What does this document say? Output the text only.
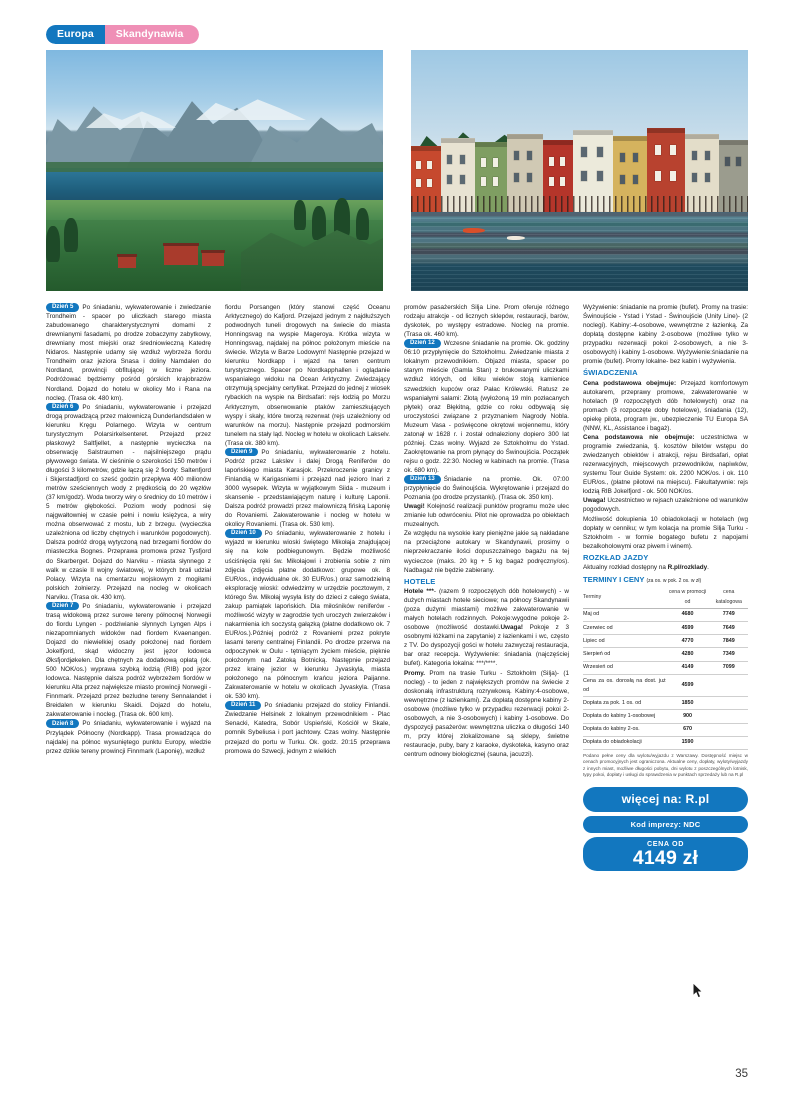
Europa	Skandynawia

Dzień 5 Po śniadaniu, wykwaterowanie i zwiedzanie Trondheim - spacer po uliczkach starego miasta zabudowanego charakterystycznymi domami z drewnianymi fasadami, po drodze zobaczymy zabytkowy, drewniany most miejski oraz średniowieczną Katedrę Nidaros. Następnie udamy się wzdłuż wybrzeża fiordu Trondheim oraz jeziora Snasa i doliny Namdalen do Nordland, prowincji obfitującej w liczne jeziora. Podróżować będziemy pośród górskich krajobrazów Nordland. Dojazd do hotelu w okolicy Mo i Rana na nocleg. (Trasa ok. 480 km).

Dzień 6 Po śniadaniu, wykwaterowanie i przejazd drogą prowadzącą przez malowniczą Dunderlandsdalen w kierunku Kręgu Polarnego. Wizyta w centrum turystycznym Polarsirkelsenteret. Przejazd przez płaskowyż Saltfjellet, a następnie wycieczka na obserwację Salstraumen - najsilniejszego prądu pływowego świata. W cieśninie o szerokości 150 metrów i długości 3 kilometrów, gdzie łączą się 2 fiordy: Saltenfjord i Skjerstadfjord co sześć godzin przepływa 400 milionów metrów sześciennych wody z prędkością do 20 węzłów (37 km/godz). Woda tworzy wiry o średnicy do 10 metrów i 5 metrów głębokości. Poziom wody podnosi się najgwałtowniej w czasie pełni i nowiu księżyca, a wiry można obserwować z mostu, lub z brzegu. (wycieczka uzależniona od liczby chętnych i warunków pogodowych). Dalsza podróż drogą wytyczoną nad brzegami fiordów do miasteczka Bognes. Przeprawa promowa przez Tysfjord do Skarberget. Dojazd do Narviku - miasta słynnego z walk w czasie II wojny światowej, w których brali udział Polacy. Wizyta na cmentarzu wojskowym z mogiłami polskich żołnierzy. Przejazd na nocleg w okolicach Narviku. (Trasa ok. 430 km).

Dzień 7 Po śniadaniu, wykwaterowanie i przejazd trasą widokową przez surowe tereny północnej Norwegii do fiordu Lyngen - podziwianie słynnych Lyngen Alps i niezapomnianych widoków nad fiordem Kvaenangen. Dojazd do niewielkiej osady położonej nad fiordem Jokelfjord, skąd widoczny jest jęzor lodowca Øksfjordjøkelen. Dla chętnych za dodatkową opłatą (ok. 500 NOK/os.) wyprawa szybką łodzią (RIB) pod jęzor lodowca. Następnie dalsza podróż wybrzeżem fiordów w kierunku Alta przez największe miasto prowincji Norwegii - Finnmark. Przejazd przez bezludne tereny Sennalandet i Breidalen w kierunku Skaidi. Dojazd do hotelu, zakwaterowanie i nocleg. (Trasa ok. 600 km).

Dzień 8 Po śniadaniu, wykwaterowanie i wyjazd na Przylądek Północny (Nordkapp). Trasa prowadząca do najdalej na północ wysuniętego punktu Europy, wiedzie przez dzikie tereny prowincji Finnmark (Laponię), wzdłuż

fiordu Porsangen (który stanowi część Oceanu Arktycznego) do Kafjord. Przejazd jednym z najdłuższych podwodnych tuneli drogowych na świecie do miasta Honningsvag na wyspie Mageroya. Krótka wizyta w Honningsvag, najdalej na północ położonym mieście na świecie. Wizyta w Barze Lodowym! Następnie przejazd w kierunku Nordkapp i wjazd na teren centrum turystycznego. Spacer po Nordkapphallen i oglądanie wspaniałego widoku na Ocean Arktyczny. Zwiedzający otrzymują specjalny certyfikat. Przejazd do jednej z wiosek rybackich na wyspie na Birdsafari: rejs łodzią po Morzu Arktycznym, obserwowanie ptaków zamieszkujących wyspy i skały, które tworzą rezerwat (rejs uzależniony od warunków na morzu). Następnie przejazd podmorskim tunelem na stały ląd. Nocleg w hotelu w okolicach Lakselv. (Trasa ok. 380 km).

Dzień 9 Po śniadaniu, wykwaterowanie z hotelu. Podróż przez Lakslev i dalej Drogą Reniferów do lapońskiego miasta Karasjok. Przekroczenie granicy z Finlandią w Karigasniemi i przejazd nad jezioro Inari z 3000 wysepek. Wizyta w wyjątkowym Siida - muzeum i skansenie - przedstawiającym naturę i kulturę Laponii. Dalsza podróż prowadzi przez malowniczą fińską Laponię do Rovaniemi. Zakwaterowanie i nocleg w hotelu w okolicy Rovaniemi. (Trasa ok. 530 km).

Dzień 10 Po śniadaniu, wykwaterowanie z hotelu i wyjazd w kierunku wioski świętego Mikołaja znajdującej się na kole podbiegunowym. Będzie możliwość uściśnięcia ręki św. Mikołajowi i zrobienia sobie z nim zdjęcia (zdjęcia płatne dodatkowo: grupowe ok. 8 EUR/os., indywidualne ok. 30 EUR/os.) oraz samodzielną eksplorację wioski: odwiedzimy w urzędzie pocztowym, z którego Św. Mikołaj wysyła listy do dzieci z całego świata, zakup pamiątek lapońskich. Dla miłośników reniferów - możliwość wizyty w zagrodzie tych uroczych zwierzaków i nakarmienia ich soczystą gałązką (płatne dodatkowo ok. 7 EUR/os.).Później podróż z Rovaniemi przez pokryte lasami tereny centralnej Finlandii. Po drodze przerwa na odpoczynek w Oulu - tętniącym życiem mieście, pięknie położonym nad Zatoką Botnicką. Następnie przejazd przez krainę jezior w kierunku Jyvaskyla, miasta położonego na północnym krańcu jeziora Paijanne. Zakwaterowanie w hotelu w okolicach Jyvaskyla. (Trasa ok. 530 km).

Dzień 11 Po śniadaniu przejazd do stolicy Finlandii. Zwiedzanie Helsinek z lokalnym przewodnikiem - Plac Senacki, Katedra, Sobór Uspieński, Kościół w Skale, pomnik Sybeliusa i port jachtowy. Czas wolny. Następnie przejazd do portu w Turku. Ok. godz. 20:15 przeprawa promowa do Szwecji, jednym z wielkich

promów pasażerskich Silja Line. Prom oferuje różnego rodzaju atrakcje - od licznych sklepów, restauracji, barów, dyskotek, po występy estradowe. Nocleg na promie. (Trasa ok. 460 km).

Dzień 12 Wczesne śniadanie na promie. Ok. godziny 06:10 przypłynięcie do Sztokholmu. Zwiedzanie miasta z lokalnym przewodnikiem. Objazd miasta, spacer po starym mieście (Gamla Stan) z brukowanymi uliczkami wzdłuż których, od kilku wieków stoją kamienice szwedzkich kupców oraz Pałac Królewski. Ratusz ze wspaniałymi salami: Złotą (wyłożoną 19 mln pozłacanych płytek) oraz Błękitną, gdzie co roku odbywają się uroczystości związane z przyznaniem Nagrody Nobla. Muzeum Vasa - poświęcone okrętowi wojennemu, który zatonął w 1628 r. i został odnaleziony dopiero 300 lat później. Czas wolny. Wyjazd ze Sztokholmu do Ystad. Zaokrętowanie na prom płynący do Świnoujścia. Początek rejsu o godz. 22:30. Nocleg w kabinach na promie. (Trasa ok. 680 km).

Dzień 13 Śniadanie na promie. Ok. 07:00 przypłynięcie do Świnoujścia. Wykrętowanie i przejazd do Poznania (po drodze przystanki). (Trasa ok. 350 km).

Uwagi! Kolejność realizacji punktów programu może ulec zmianie lub odwróceniu. Pilot nie oprowadza po obiektach muzealnych.

Ze względu na wysokie kary pieniężne jakie są nakładane na przeciążone autokary w Skandynawii, prosimy o nieprzekraczanie ilości dopuszczalnego bagażu na tej wycieczce (maks. 20 kg + 5 kg bagaż podręczny/os). Nadbagaż nie będzie zabierany.

HOTELE

Hotele ***- (razem 9 rozpoczętych dób hotelowych) - w dużych miastach hotele sieciowe; na północy Skandynawii (poza dużymi miastami) możliwe zakwaterowanie w małych hotelach rodzinnych. Pokoje:wygodne pokoje 2-osobowe (możliwość dostawki.Uwaga! Pokoje z 3 osobnymi łóżkami na zapytanie) z łazienkami i wc, często z TV. Do dyspozycji gości w hotelu zazwyczaj restauracja, bar oraz recepcja. Wyżywienie: śniadania (najczęściej bufet). Kategoria lokalna: ***/****.

Promy. Prom na trasie Turku - Sztokholm (Silja)- (1 nocleg) - to jeden z największych promów na świecie z doskonałą infrastrukturą rozrywkową. Kabiny:4-osobowe, wewnętrzne (z łazienkami). Za dopłatą dostępne kabiny 2-osobowe (możliwe tylko w przypadku rezerwacji pokoi 2-osobowych, a nie 3-osobowych) i kabiny 1-osobowe. Do dyspozycji pasażerów: wewnętrzna uliczka o długości 140 m, przy której zlokalizowane są sklepy, świetne restauracje, puby, bary z karaoke, dyskoteka, kasyno oraz centrum odnowy biologicznej (sauna, jacuzzi).

Wyżywienie: śniadanie na promie (bufet). Promy na trasie: Świnoujście - Ystad i Ystad - Świnoujście (Unity Line)- (2 noclegi). Kabiny:-4-osobowe, wewnętrzne z łazienką. Za dopłatą dostępne kabiny 2-osobowe (możliwe tylko w przypadku rezerwacji pokoi 2-osobowych, a nie 3-osobowych) i kabiny 1-osobowe. Wyżywienie:śniadanie na promie (bufet). Promy lokalne- bez kabin i wyżywienia.

ŚWIADCZENIA

Cena podstawowa obejmuje: Przejazd komfortowym autokarem, przeprawy promowe, zakwaterowanie w hotelach (9 rozpoczętych dób hotelowych) oraz na promach (3 rozpoczęte doby hotelowe), śniadania (12), opiekę pilota, program jw., ubezpieczenie TU Europa SA (NNW, KL, Assistance i bagaż).

Cena podstawowa nie obejmuje: uczestnictwa w programie zwiedzania, tj. kosztów biletów wstępu do zwiedzanych obiektów i atrakcji, rejsu Birdsafari, opłat rezerwacyjnych, miejscowych przewodników, napiwków, systemu Tour Guide System: ok. 2200 NOK/os. i ok. 110 EUR/os., (płatne pilotowi na miejscu). Fakultatywnie: rejs łodzią RIB Jokelfjord - ok. 500 NOK/os.

Uwaga! Uczestnictwo w rejsach uzależnione od warunków pogodowych.

Możliwość dokupienia 10 obiadokolacji w hotelach (wg dopłaty w cenniku; w tym kolacja na promie Silja Turku - Sztokholm - w formie bogatego bufetu z napojami bezalkoholowymi oraz piwem i winem).

ROZKŁAD JAZDY

Aktualny rozkład dostępny na R.pl/rozklady.

TERMINY I CENY (za os. w pok. 2 os. w zł)
Terminy	cena w promocji od	cena katalogowa
Maj od	4680	7749
Czerwiec od	4599	7649
Lipiec od	4770	7849
Sierpień od	4280	7349
Wrzesień od	4149	7099
Cena za os. dorosłą na dost. już od	4599	
Dopłata za pok. 1 os. od	1850	
Dopłata do kabiny 1-osobowej	900	
Dopłata do kabiny 2-os.	670	
Dopłata do obiadokolacji	1590	
Podano pełne ceny dla wylotu/wyjazdu z Warszawy. Dostępność miejsc w cenach promocyjnych jest ograniczona. Aktualne ceny, dopłaty, wyloty/wyjazdy z innych miast, możliwe długości pobytu, dni wylotu z poszczególnych lotnisk, typy pokoi, dopłaty i usługi do sprawdzenia w punktach sprzedaży lub na R.pl
więcej na: R.pl
Kod imprezy: NDC
CENA OD
4149 zł
35
